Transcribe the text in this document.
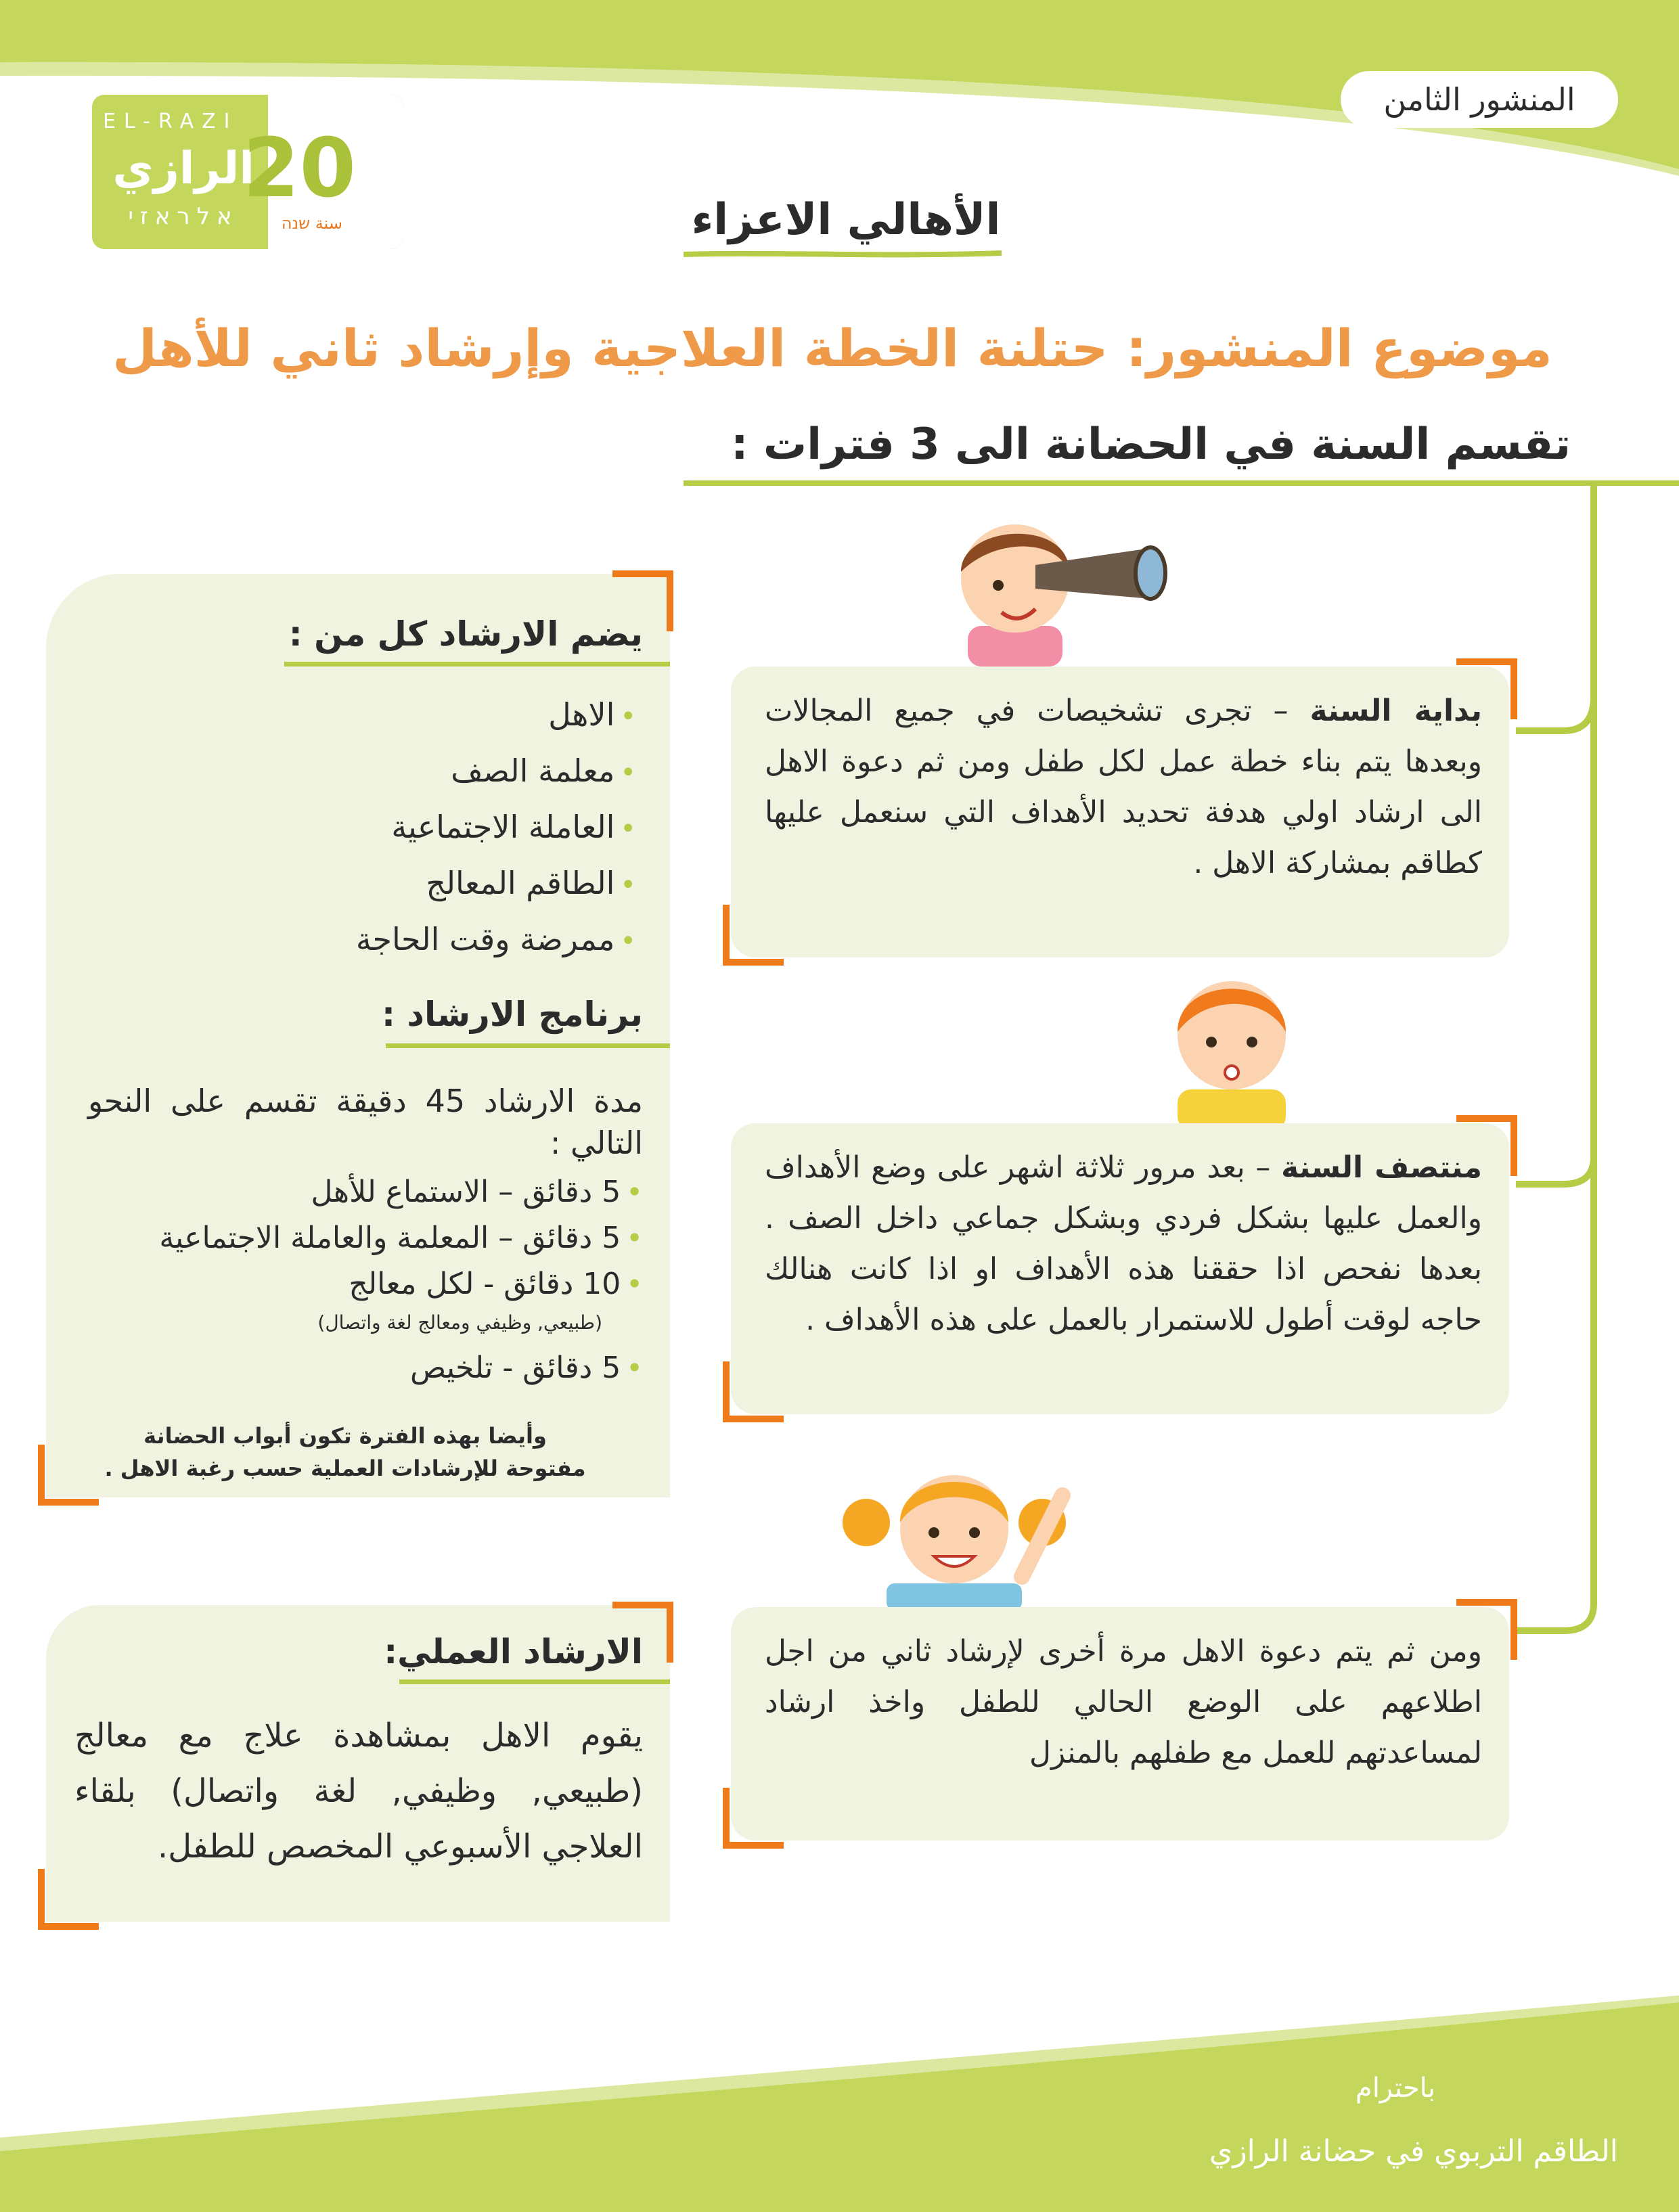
المنشور الثامن
EL-RAZI
الرازي
אלראזי
20
سنة שנה	الأهالي الاعزاء
موضوع المنشور: حتلنة الخطة العلاجية وإرشاد ثاني للأهل
تقسم السنة في الحضانة الى 3 فترات :

بداية السنة – تجرى تشخيصات في جميع المجالات وبعدها يتم بناء خطة عمل لكل طفل ومن ثم دعوة الاهل الى ارشاد اولي هدفة تحديد الأهداف التي سنعمل عليها كطاقم بمشاركة الاهل .

منتصف السنة – بعد مرور ثلاثة اشهر على وضع الأهداف والعمل عليها بشكل فردي وبشكل جماعي داخل الصف . بعدها نفحص اذا حققنا هذه الأهداف او اذا كانت هنالك حاجه لوقت أطول للاستمرار بالعمل على هذه الأهداف .

ومن ثم يتم دعوة الاهل مرة أخرى لإرشاد ثاني من اجل اطلاعهم على الوضع الحالي للطفل واخذ ارشاد لمساعدتهم للعمل مع طفلهم بالمنزل

يضم الارشاد كل من :
• الاهل
• معلمة الصف
• العاملة الاجتماعية
• الطاقم المعالج
• ممرضة وقت الحاجة
برنامج الارشاد :

مدة الارشاد 45 دقيقة تقسم على النحو التالي :

• 5 دقائق – الاستماع للأهل
• 5 دقائق – المعلمة والعاملة الاجتماعية
• 10 دقائق - لكل معالج
(طبيعي, وظيفي ومعالج لغة واتصال)
• 5 دقائق - تلخيص

وأيضا بهذه الفترة تكون أبواب الحضانة مفتوحة للإرشادات العملية حسب رغبة الاهل .

الارشاد العملي:

يقوم الاهل بمشاهدة علاج مع معالج (طبيعي, وظيفي, لغة واتصال) بلقاء العلاجي الأسبوعي المخصص للطفل.

باحترام
الطاقم التربوي في حضانة الرازي
